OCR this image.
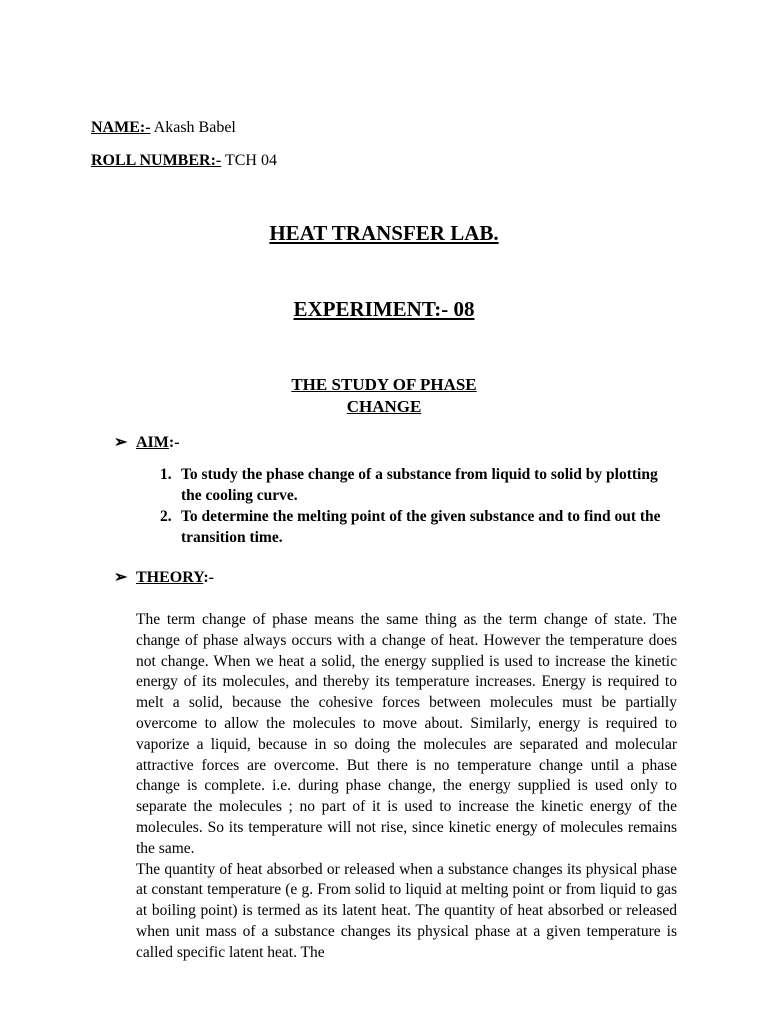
NAME:- Akash Babel
ROLL NUMBER:- TCH 04
HEAT TRANSFER LAB.
EXPERIMENT:- 08
THE STUDY OF PHASE
CHANGE
➢ AIM:-
1. To study the phase change of a substance from liquid to solid by plotting the cooling curve.
2. To determine the melting point of the given substance and to find out the transition time.
➢ THEORY:-

The term change of phase means the same thing as the term change of state. The change of phase always occurs with a change of heat. However the temperature does not change. When we heat a solid, the energy supplied is used to increase the kinetic energy of its molecules, and thereby its temperature increases. Energy is required to melt a solid, because the cohesive forces between molecules must be partially overcome to allow the molecules to move about. Similarly, energy is required to vaporize a liquid, because in so doing the molecules are separated and molecular attractive forces are overcome. But there is no temperature change until a phase change is complete. i.e. during phase change, the energy supplied is used only to separate the molecules ; no part of it is used to increase the kinetic energy of the molecules. So its temperature will not rise, since kinetic energy of molecules remains the same.

The quantity of heat absorbed or released when a substance changes its physical phase at constant temperature (e g. From solid to liquid at melting point or from liquid to gas at boiling point) is termed as its latent heat. The quantity of heat absorbed or released when unit mass of a substance changes its physical phase at a given temperature is called specific latent heat. The
